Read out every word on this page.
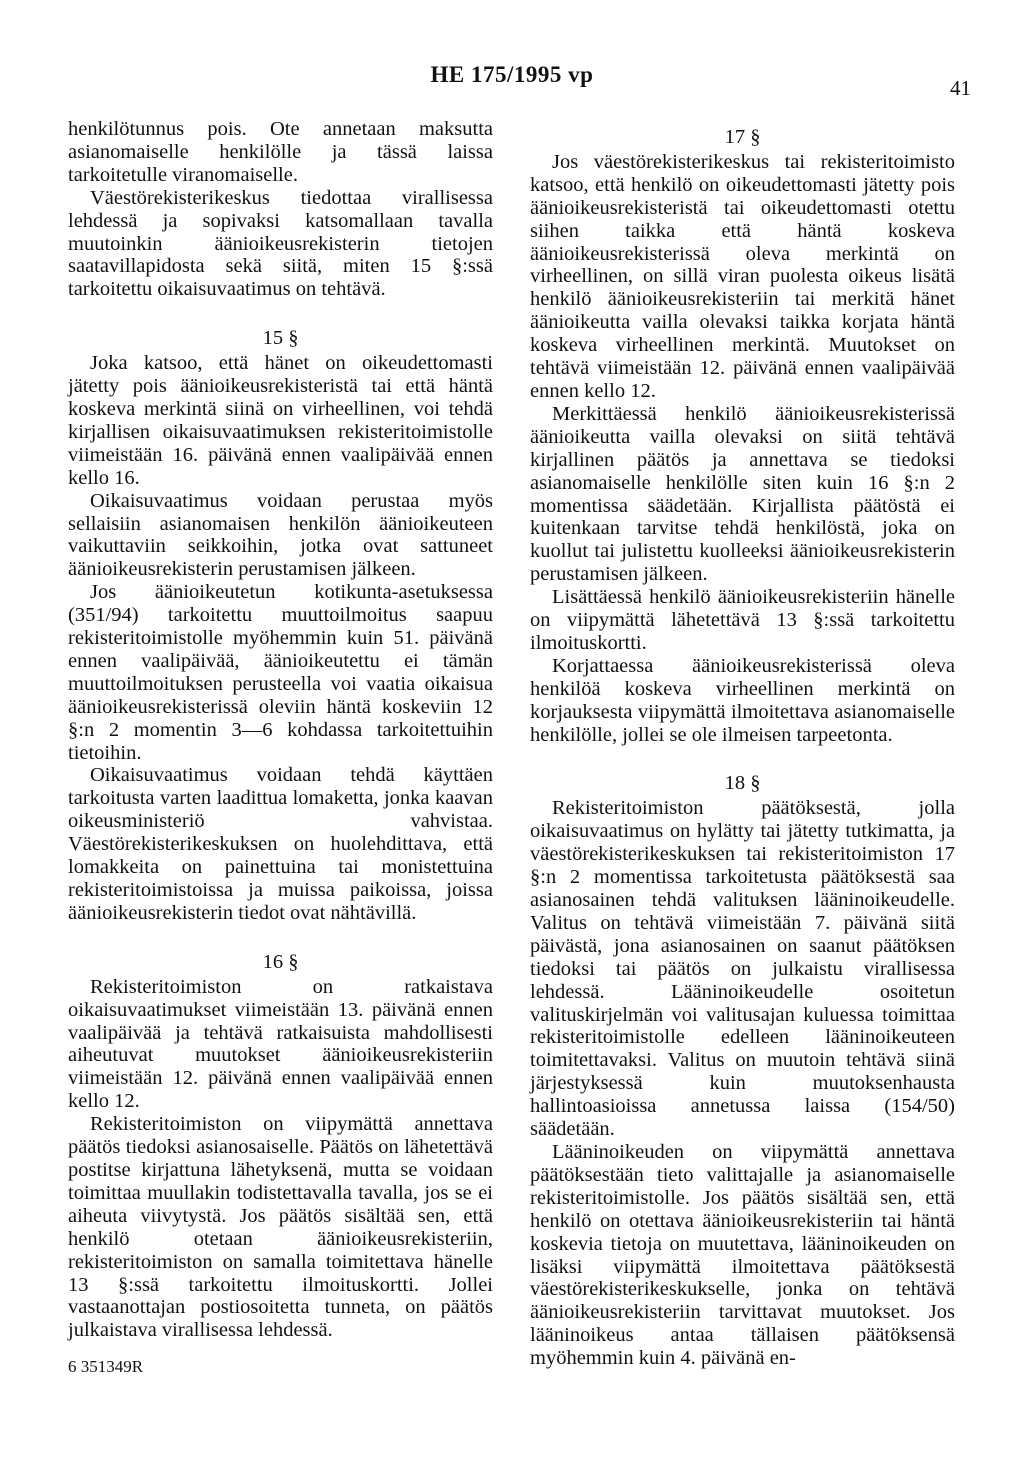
HE 175/1995 vp
41

henkilötunnus pois. Ote annetaan maksutta asianomaiselle henkilölle ja tässä laissa tarkoitetulle viranomaiselle.

Väestörekisterikeskus tiedottaa virallisessa lehdessä ja sopivaksi katsomallaan tavalla muutoinkin äänioikeusrekisterin tietojen saatavillapidosta sekä siitä, miten 15 §:ssä tarkoitettu oikaisuvaatimus on tehtävä.

15 §

Joka katsoo, että hänet on oikeudettomasti jätetty pois äänioikeusrekisteristä tai että häntä koskeva merkintä siinä on virheellinen, voi tehdä kirjallisen oikaisuvaatimuksen rekisteritoimistolle viimeistään 16. päivänä ennen vaalipäivää ennen kello 16.

Oikaisuvaatimus voidaan perustaa myös sellaisiin asianomaisen henkilön äänioikeuteen vaikuttaviin seikkoihin, jotka ovat sattuneet äänioikeusrekisterin perustamisen jälkeen.

Jos äänioikeutetun kotikunta-asetuksessa (351/94) tarkoitettu muuttoilmoitus saapuu rekisteritoimistolle myöhemmin kuin 51. päivänä ennen vaalipäivää, äänioikeutettu ei tämän muuttoilmoituksen perusteella voi vaatia oikaisua äänioikeusrekisterissä oleviin häntä koskeviin 12 §:n 2 momentin 3—6 kohdassa tarkoitettuihin tietoihin.

Oikaisuvaatimus voidaan tehdä käyttäen tarkoitusta varten laadittua lomaketta, jonka kaavan oikeusministeriö vahvistaa. Väestörekisterikeskuksen on huolehdittava, että lomakkeita on painettuina tai monistettuina rekisteritoimistoissa ja muissa paikoissa, joissa äänioikeusrekisterin tiedot ovat nähtävillä.

16 §

Rekisteritoimiston on ratkaistava oikaisuvaatimukset viimeistään 13. päivänä ennen vaalipäivää ja tehtävä ratkaisuista mahdollisesti aiheutuvat muutokset äänioikeusrekisteriin viimeistään 12. päivänä ennen vaalipäivää ennen kello 12.

Rekisteritoimiston on viipymättä annettava päätös tiedoksi asianosaiselle. Päätös on lähetettävä postitse kirjattuna lähetyksenä, mutta se voidaan toimittaa muullakin todistettavalla tavalla, jos se ei aiheuta viivytystä. Jos päätös sisältää sen, että henkilö otetaan äänioikeusrekisteriin, rekisteritoimiston on samalla toimitettava hänelle 13 §:ssä tarkoitettu ilmoituskortti. Jollei vastaanottajan postiosoitetta tunneta, on päätös julkaistava virallisessa lehdessä.

17 §

Jos väestörekisterikeskus tai rekisteritoimisto katsoo, että henkilö on oikeudettomasti jätetty pois äänioikeusrekisteristä tai oikeudettomasti otettu siihen taikka että häntä koskeva äänioikeusrekisterissä oleva merkintä on virheellinen, on sillä viran puolesta oikeus lisätä henkilö äänioikeusrekisteriin tai merkitä hänet äänioikeutta vailla olevaksi taikka korjata häntä koskeva virheellinen merkintä. Muutokset on tehtävä viimeistään 12. päivänä ennen vaalipäivää ennen kello 12.

Merkittäessä henkilö äänioikeusrekisterissä äänioikeutta vailla olevaksi on siitä tehtävä kirjallinen päätös ja annettava se tiedoksi asianomaiselle henkilölle siten kuin 16 §:n 2 momentissa säädetään. Kirjallista päätöstä ei kuitenkaan tarvitse tehdä henkilöstä, joka on kuollut tai julistettu kuolleeksi äänioikeusrekisterin perustamisen jälkeen.

Lisättäessä henkilö äänioikeusrekisteriin hänelle on viipymättä lähetettävä 13 §:ssä tarkoitettu ilmoituskortti.

Korjattaessa äänioikeusrekisterissä oleva henkilöä koskeva virheellinen merkintä on korjauksesta viipymättä ilmoitettava asianomaiselle henkilölle, jollei se ole ilmeisen tarpeetonta.

18 §

Rekisteritoimiston päätöksestä, jolla oikaisuvaatimus on hylätty tai jätetty tutkimatta, ja väestörekisterikeskuksen tai rekisteritoimiston 17 §:n 2 momentissa tarkoitetusta päätöksestä saa asianosainen tehdä valituksen lääninoikeudelle. Valitus on tehtävä viimeistään 7. päivänä siitä päivästä, jona asianosainen on saanut päätöksen tiedoksi tai päätös on julkaistu virallisessa lehdessä. Lääninoikeudelle osoitetun valituskirjelmän voi valitusajan kuluessa toimittaa rekisteritoimistolle edelleen lääninoikeuteen toimitettavaksi. Valitus on muutoin tehtävä siinä järjestyksessä kuin muutoksenhausta hallintoasioissa annetussa laissa (154/50) säädetään.

Lääninoikeuden on viipymättä annettava päätöksestään tieto valittajalle ja asianomaiselle rekisteritoimistolle. Jos päätös sisältää sen, että henkilö on otettava äänioikeusrekisteriin tai häntä koskevia tietoja on muutettava, lääninoikeuden on lisäksi viipymättä ilmoitettava päätöksestä väestörekisterikeskukselle, jonka on tehtävä äänioikeusrekisteriin tarvittavat muutokset. Jos lääninoikeus antaa tällaisen päätöksensä myöhemmin kuin 4. päivänä en-

6 351349R
